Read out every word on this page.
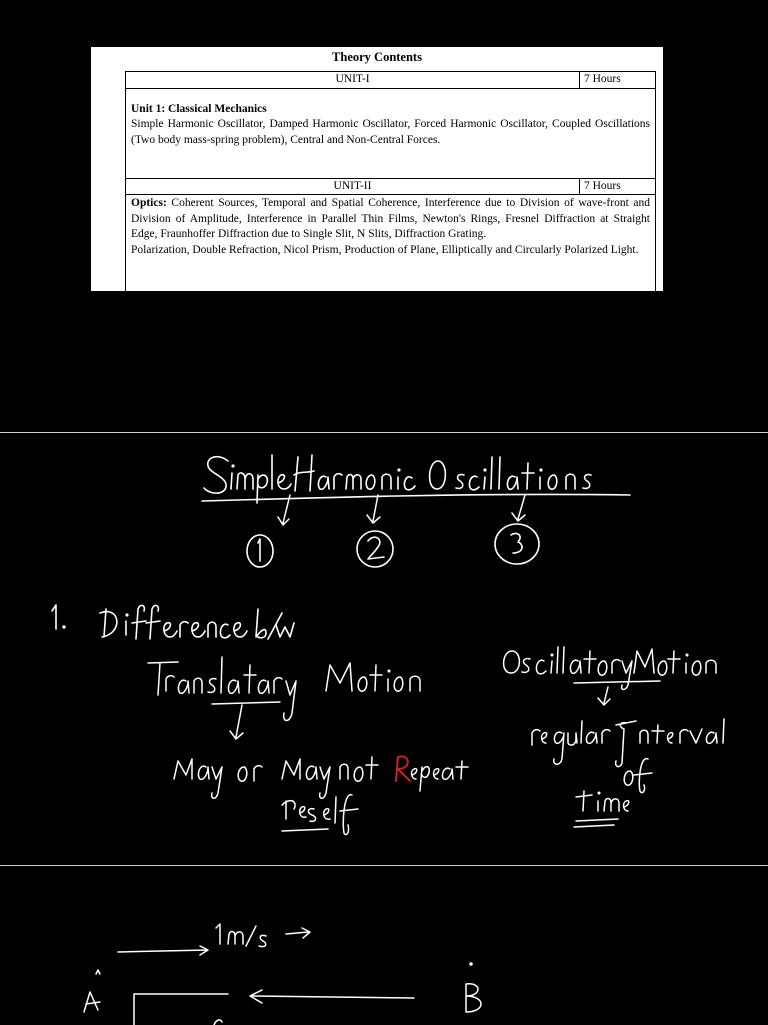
Theory Contents
UNIT-I	7 Hours

Unit 1: Classical Mechanics

Simple Harmonic Oscillator, Damped Harmonic Oscillator, Forced Harmonic Oscillator, Coupled Oscillations (Two body mass-spring problem), Central and Non-Central Forces.	

UNIT-II	7 Hours

Optics: Coherent Sources, Temporal and Spatial Coherence, Interference due to Division of wave-front and Division of Amplitude, Interference in Parallel Thin Films, Newton's Rings, Fresnel Diffraction at Straight Edge, Fraunhoffer Diffraction due to Single Slit, N Slits, Diffraction Grating.

Polarization, Double Refraction, Nicol Prism, Production of Plane, Elliptically and Circularly Polarized Light.	
